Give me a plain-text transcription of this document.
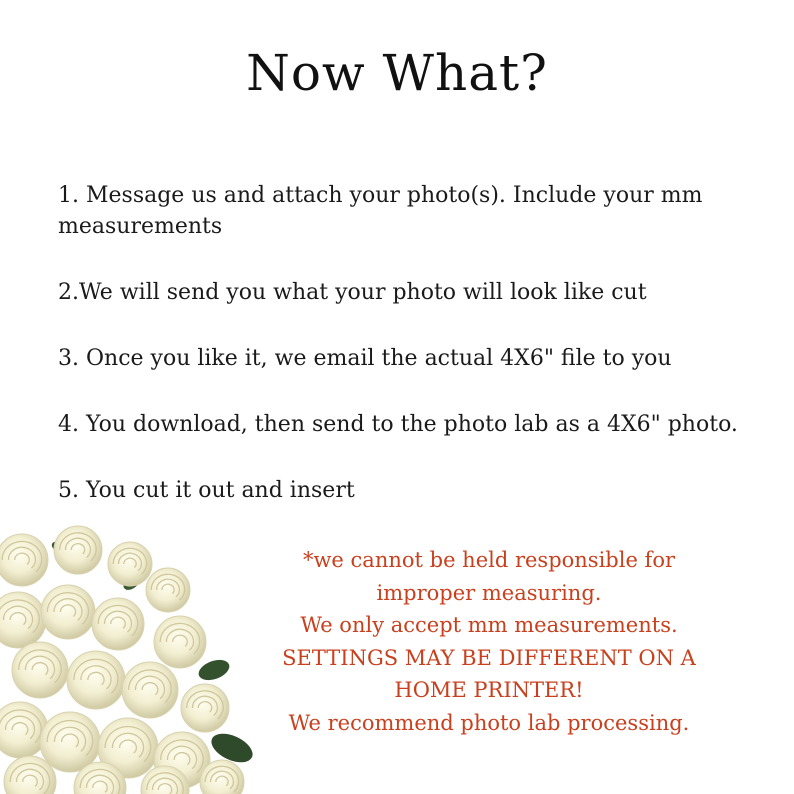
Now What?
1. Message us and attach your photo(s). Include your mm measurements
2.We will send you what your photo will look like cut
3. Once you like it, we email the actual 4X6" file to you
4. You download, then send to the photo lab as a 4X6" photo.
5. You cut it out and insert
*we cannot be held responsible for
improper measuring.
We only accept mm measurements.
SETTINGS MAY BE DIFFERENT ON A
HOME PRINTER!
We recommend photo lab processing.
